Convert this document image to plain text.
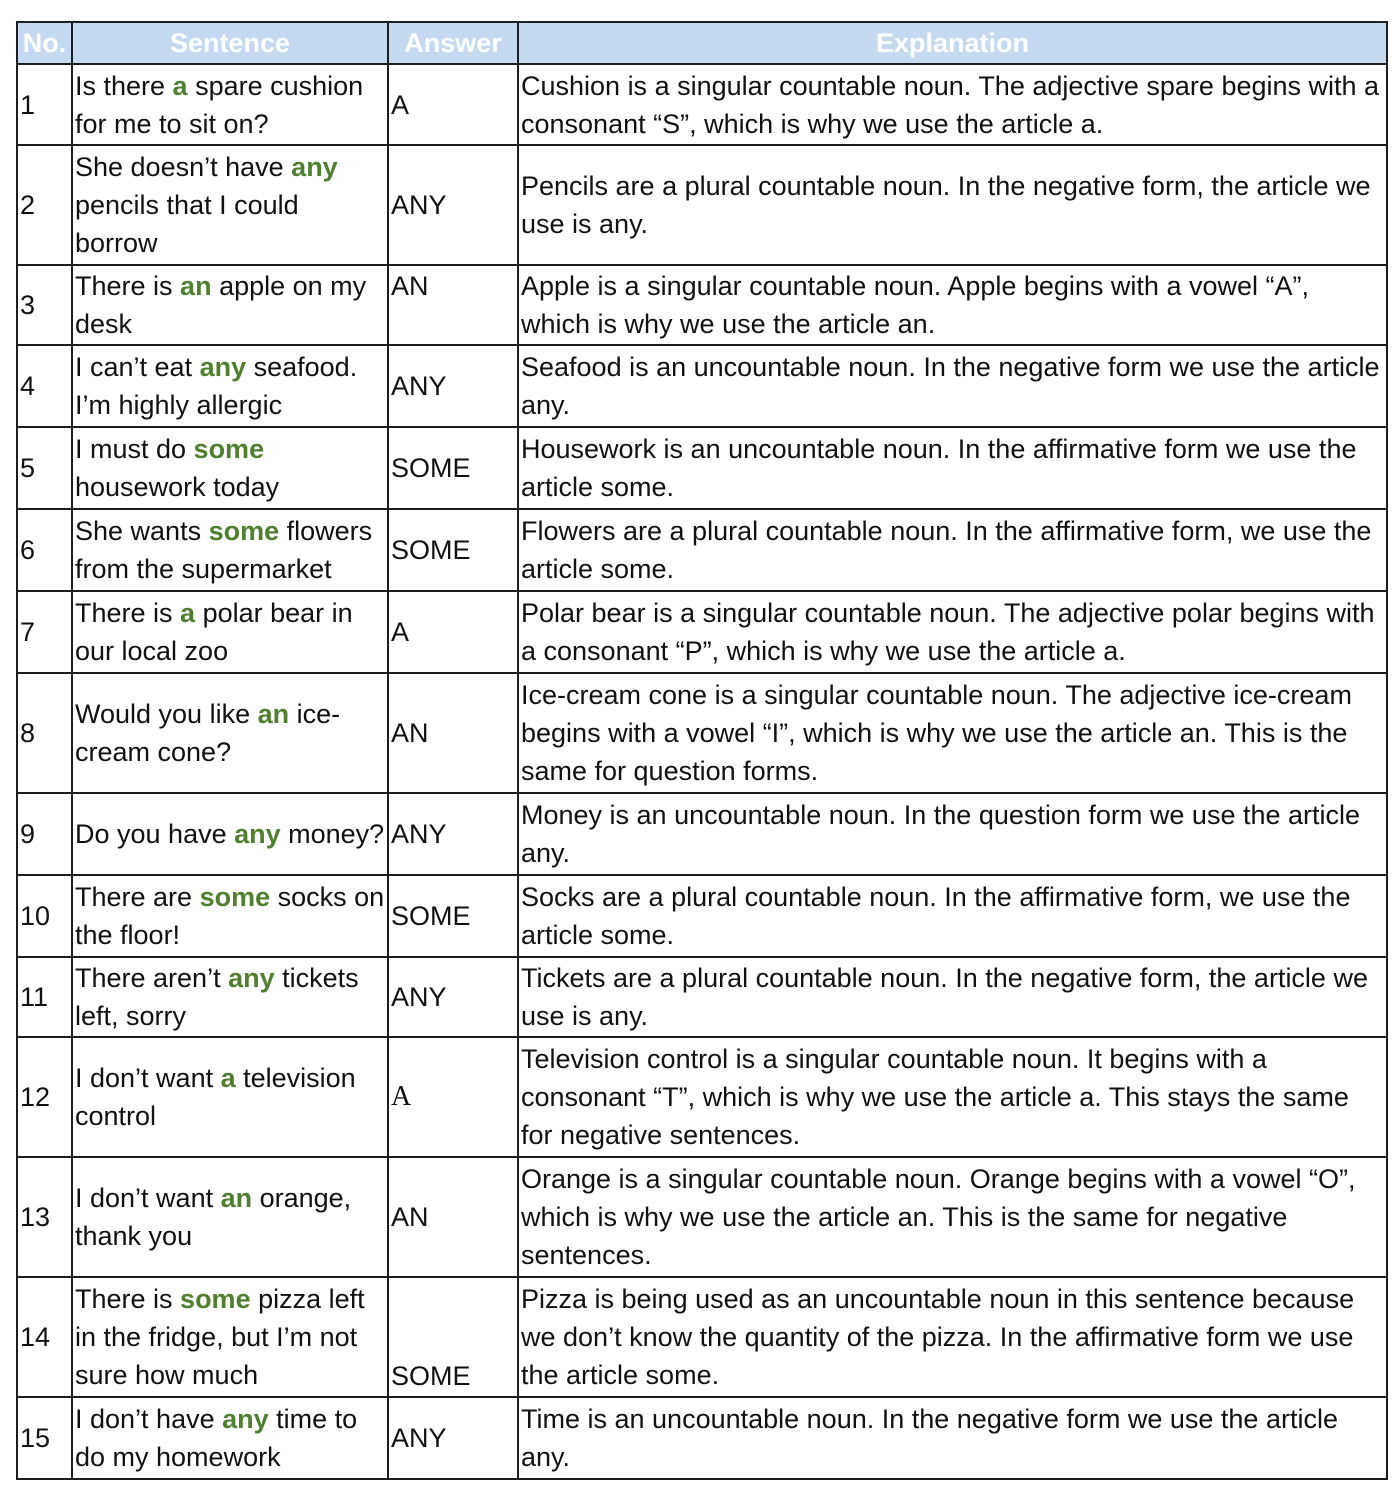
No.	Sentence	Answer	Explanation
1	Is there a spare cushion for me to sit on?	A	Cushion is a singular countable noun. The adjective spare begins with a consonant “S”, which is why we use the article a.
2	She doesn’t have any pencils that I could borrow	ANY	Pencils are a plural countable noun. In the negative form, the article we use is any.
3	There is an apple on my desk	AN	Apple is a singular countable noun. Apple begins with a vowel “A”, which is why we use the article an.
4	I can’t eat any seafood. I’m highly allergic	ANY	Seafood is an uncountable noun. In the negative form we use the article any.
5	I must do some housework today	SOME	Housework is an uncountable noun. In the affirmative form we use the article some.
6	She wants some flowers from the supermarket	SOME	Flowers are a plural countable noun. In the affirmative form, we use the article some.
7	There is a polar bear in our local zoo	A	Polar bear is a singular countable noun. The adjective polar begins with a consonant “P”, which is why we use the article a.
8	Would you like an ice-cream cone?	AN	Ice-cream cone is a singular countable noun. The adjective ice-cream begins with a vowel “I”, which is why we use the article an. This is the same for question forms.
9	Do you have any money?	ANY	Money is an uncountable noun. In the question form we use the article any.
10	There are some socks on the floor!	SOME	Socks are a plural countable noun. In the affirmative form, we use the article some.
11	There aren’t any tickets left, sorry	ANY	Tickets are a plural countable noun. In the negative form, the article we use is any.
12	I don’t want a television control	A	Television control is a singular countable noun. It begins with a consonant “T”, which is why we use the article a. This stays the same for negative sentences.
13	I don’t want an orange, thank you	AN	Orange is a singular countable noun. Orange begins with a vowel “O”, which is why we use the article an. This is the same for negative sentences.
14	There is some pizza left in the fridge, but I’m not sure how much	SOME	Pizza is being used as an uncountable noun in this sentence because we don’t know the quantity of the pizza. In the affirmative form we use the article some.
15	I don’t have any time to do my homework	ANY	Time is an uncountable noun. In the negative form we use the article any.
